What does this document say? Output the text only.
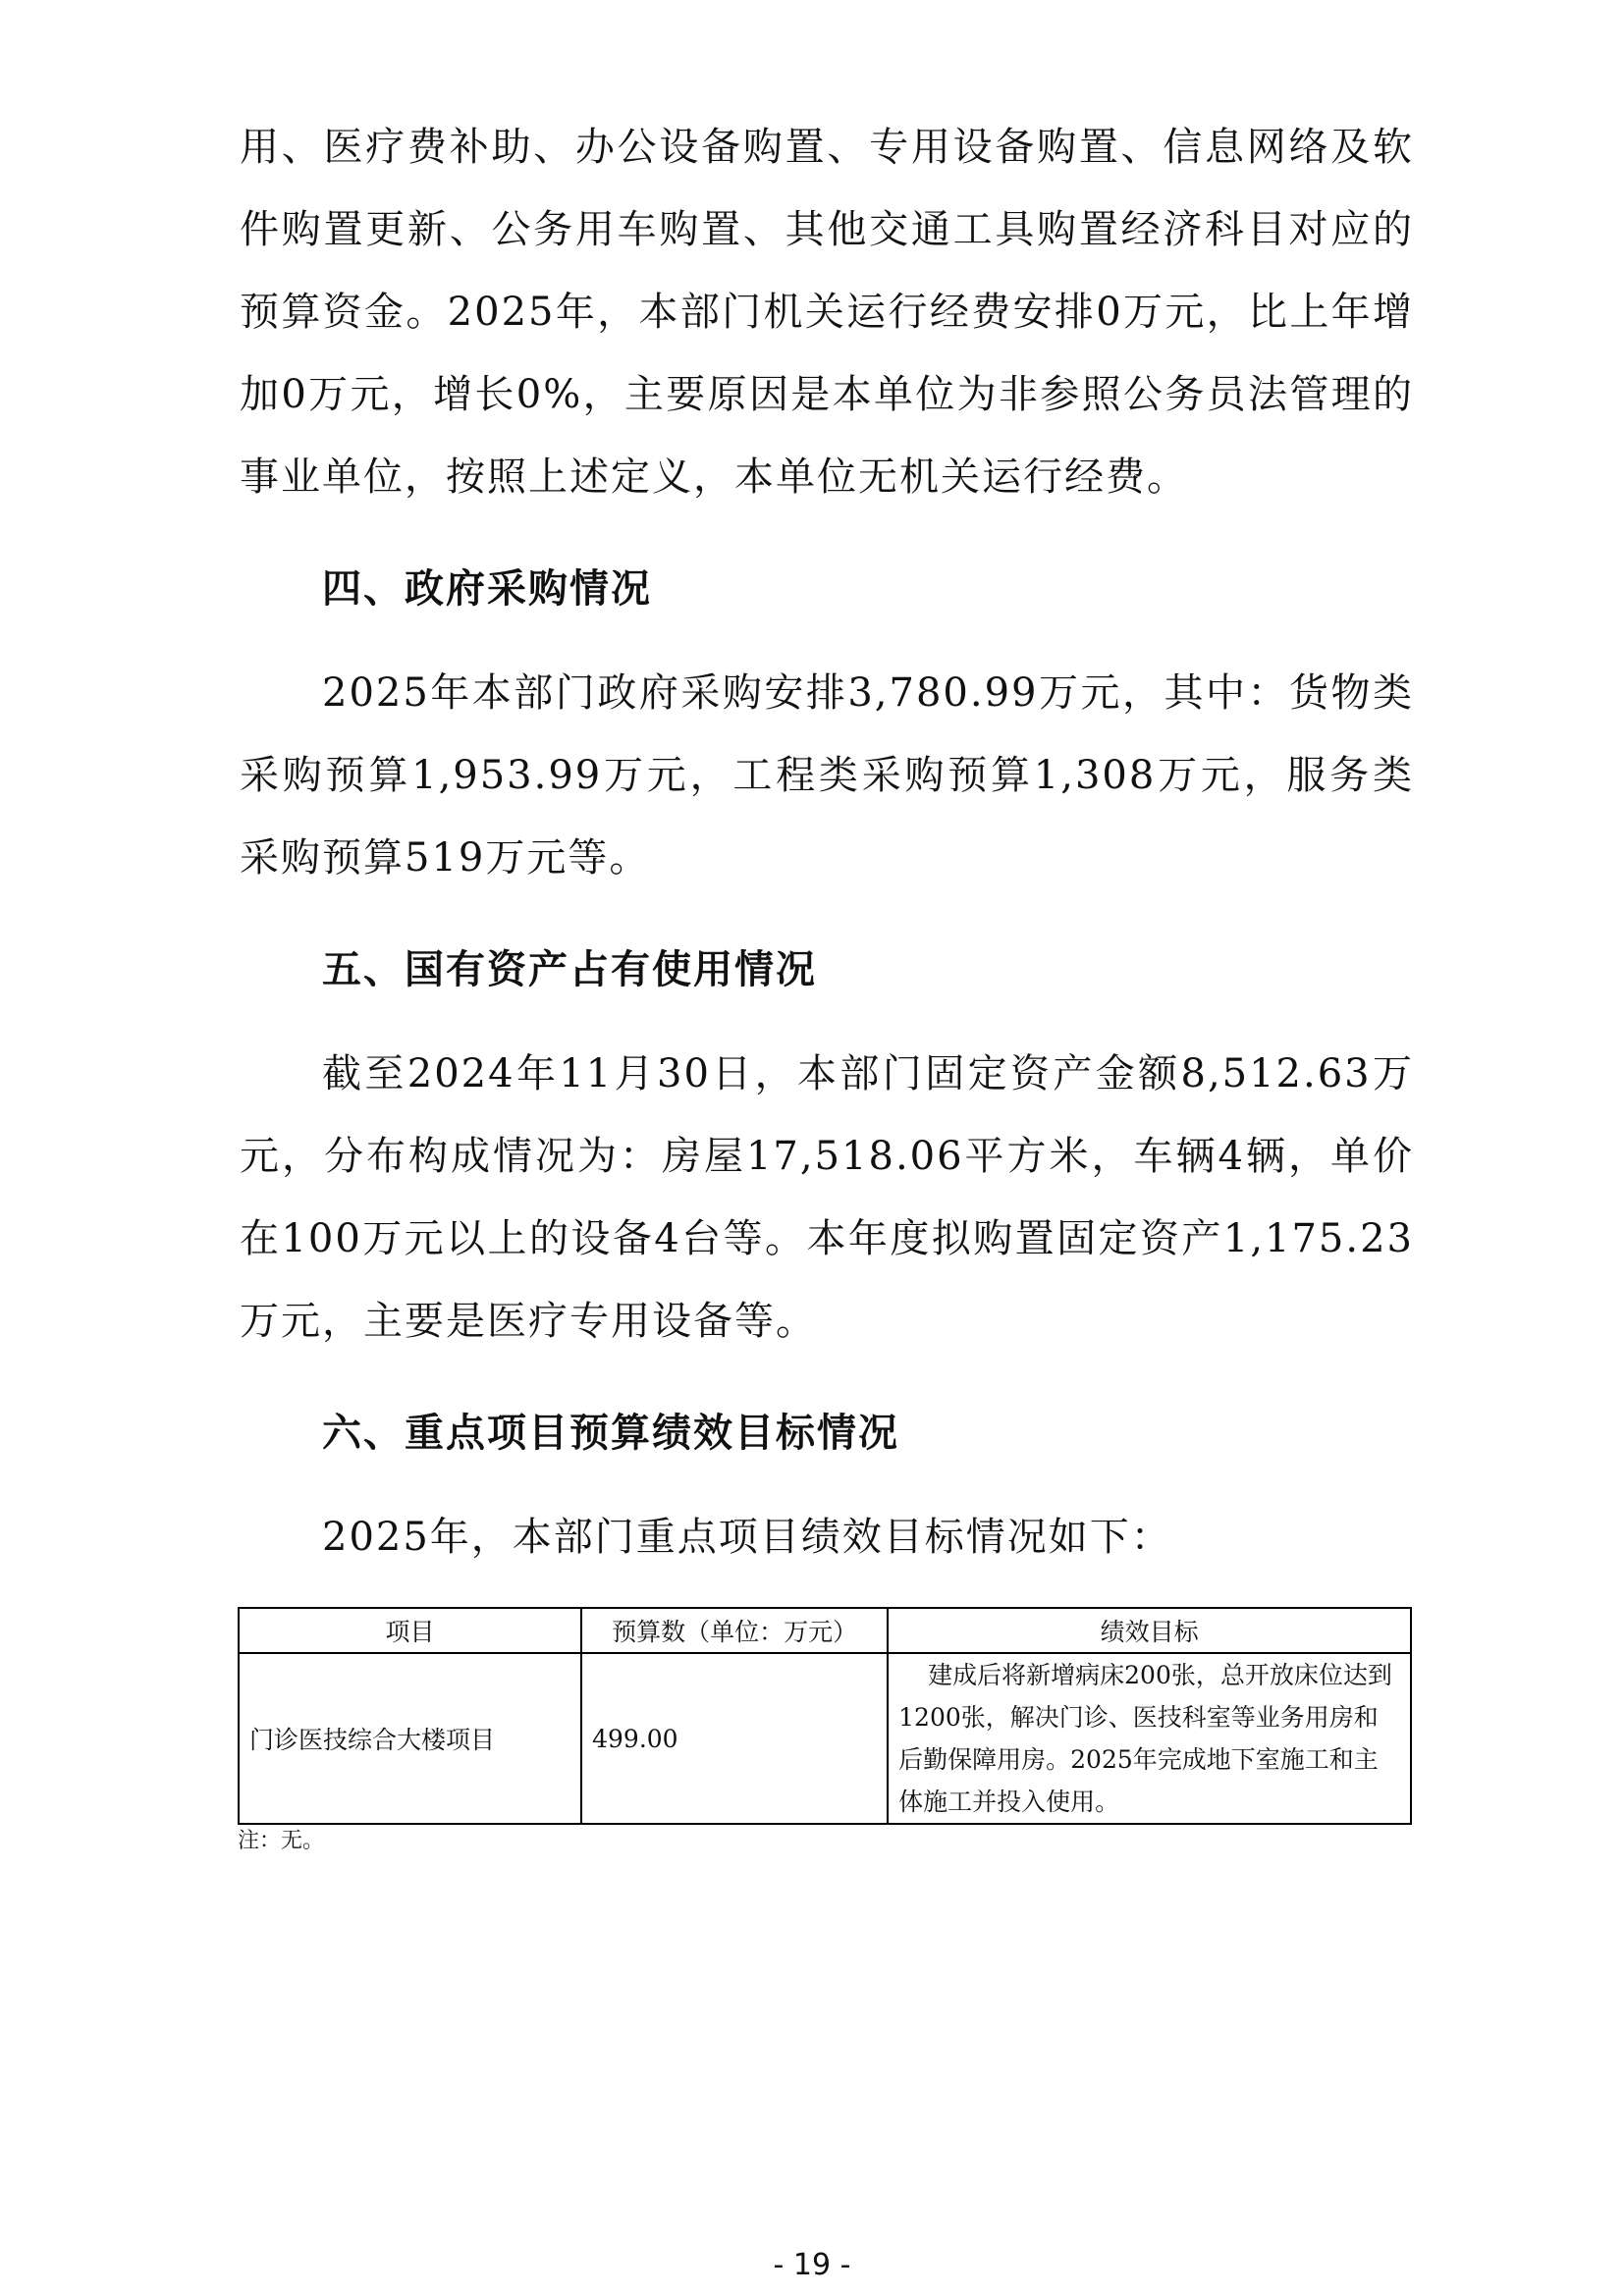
用、医疗费补助、办公设备购置、专用设备购置、信息网络及软件购置更新、公务用车购置、其他交通工具购置经济科目对应的预算资金。2025年，本部门机关运行经费安排0万元，比上年增加0万元，增长0%，主要原因是本单位为非参照公务员法管理的事业单位，按照上述定义，本单位无机关运行经费。

四、政府采购情况

2025年本部门政府采购安排3,780.99万元，其中：货物类采购预算1,953.99万元，工程类采购预算1,308万元，服务类采购预算519万元等。

五、国有资产占有使用情况

截至2024年11月30日，本部门固定资产金额8,512.63万元，分布构成情况为：房屋17,518.06平方米，车辆4辆，单价在100万元以上的设备4台等。本年度拟购置固定资产1,175.23万元，主要是医疗专用设备等。

六、重点项目预算绩效目标情况

2025年，本部门重点项目绩效目标情况如下：

项目	预算数（单位：万元）	绩效目标
门诊医技综合大楼项目	499.00	建成后将新增病床200张，总开放床位达到1200张，解决门诊、医技科室等业务用房和后勤保障用房。2025年完成地下室施工和主体施工并投入使用。
注：无。
- 19 -
